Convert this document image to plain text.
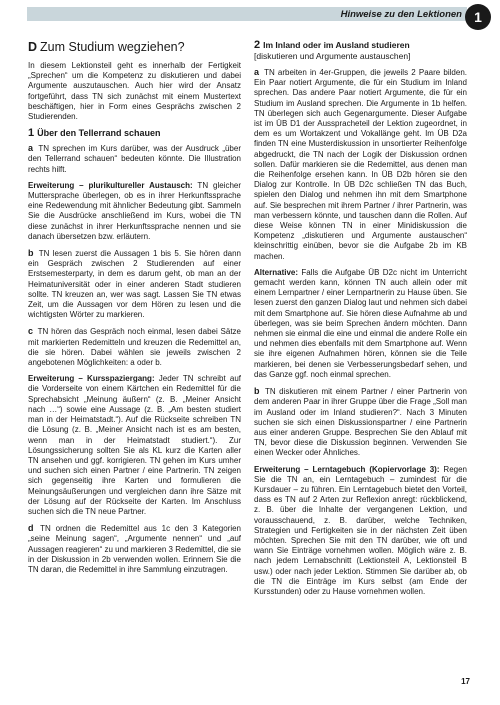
Hinweise zu den Lektionen 1
D Zum Studium wegziehen?

In diesem Lektionsteil geht es innerhalb der Fertigkeit „Sprechen“ um die Kompetenz zu diskutieren und dabei Argumente auszutauschen. Auch hier wird der Ansatz fortgeführt, dass TN sich zunächst mit einem Mustertext beschäftigen, hier in Form eines Gesprächs zwischen 2 Studierenden.

1 Über den Tellerrand schauen

a TN sprechen im Kurs darüber, was der Ausdruck „über den Tellerrand schauen“ bedeuten könnte. Die Illustration rechts hilft.

Erweiterung – plurikultureller Austausch: TN gleicher Muttersprache überlegen, ob es in ihrer Herkunftssprache eine Redewendung mit ähnlicher Bedeutung gibt. Sammeln Sie die Ausdrücke anschließend im Kurs, wobei die TN diese zunächst in ihrer Herkunftssprache nennen und sie danach übersetzen bzw. erläutern.

b TN lesen zuerst die Aussagen 1 bis 5. Sie hören dann ein Gespräch zwischen 2 Studierenden auf einer Erstsemesterparty, in dem es darum geht, ob man an der Heimatuniversität oder in einer anderen Stadt studieren sollte. TN kreuzen an, wer was sagt. Lassen Sie TN etwas Zeit, um die Aussagen vor dem Hören zu lesen und die wichtigsten Wörter zu markieren.

c TN hören das Gespräch noch einmal, lesen dabei Sätze mit markierten Redemitteln und kreuzen die Redemittel an, die sie hören. Dabei wählen sie jeweils zwischen 2 angebotenen Möglichkeiten: a oder b.

Erweiterung – Kursspaziergang: Jeder TN schreibt auf die Vorderseite von einem Kärtchen ein Redemittel für die Sprechabsicht „Meinung äußern“ (z. B. „Meiner Ansicht nach …“) sowie eine Aussage (z. B. „Am besten studiert man in der Heimatstadt.“). Auf die Rückseite schreiben TN die Lösung (z. B. „Meiner Ansicht nach ist es am besten, wenn man in der Heimatstadt studiert.“). Zur Lösungssicherung sollten Sie als KL kurz die Karten aller TN ansehen und ggf. korrigieren. TN gehen im Kurs umher und suchen sich einen Partner / eine Partnerin. TN zeigen sich gegenseitig ihre Karten und formulieren die Meinungsäußerungen und vergleichen dann ihre Sätze mit der Lösung auf der Rückseite der Karten. Im Anschluss suchen sich die TN neue Partner.

d TN ordnen die Redemittel aus 1c den 3 Kategorien „seine Meinung sagen“, „Argumente nennen“ und „auf Aussagen reagieren“ zu und markieren 3 Redemittel, die sie in der Diskussion in 2b verwenden wollen. Erinnern Sie die TN daran, die Redemittel in ihre Sammlung einzutragen.

2 Im Inland oder im Ausland studieren
[diskutieren und Argumente austauschen]

a TN arbeiten in 4er-Gruppen, die jeweils 2 Paare bilden. Ein Paar notiert Argumente, die für ein Studium im Inland sprechen. Das andere Paar notiert Argumente, die für ein Studium im Ausland sprechen. Die Argumente in 1b helfen. TN überlegen sich auch Gegenargumente. Dieser Aufgabe ist im ÜB D1 der Ausspracheteil der Lektion zugeordnet, in dem es um Wortakzent und Vokallänge geht. Im ÜB D2a finden TN eine Musterdiskussion in unsortierter Reihenfolge abgedruckt, die TN nach der Logik der Diskussion ordnen sollen. Dafür markieren sie die Redemittel, aus denen man die Reihenfolge ersehen kann. In ÜB D2b hören sie den Dialog zur Kontrolle. In ÜB D2c schließen TN das Buch, spielen den Dialog und nehmen ihn mit dem Smartphone auf. Sie besprechen mit ihrem Partner / ihrer Partnerin, was man verbessern könnte, und tauschen dann die Rollen. Auf diese Weise können TN in einer Minidiskussion die Kompetenz „diskutieren und Argumente austauschen“ kleinschrittig einüben, bevor sie die Aufgabe 2b im KB machen.

Alternative: Falls die Aufgabe ÜB D2c nicht im Unterricht gemacht werden kann, können TN auch allein oder mit einem Lernpartner / einer Lernpartnerin zu Hause üben. Sie lesen zuerst den ganzen Dialog laut und nehmen sich dabei mit dem Smartphone auf. Sie hören diese Aufnahme ab und überlegen, was sie beim Sprechen ändern möchten. Dann nehmen sie einmal die eine und einmal die andere Rolle ein und nehmen dies ebenfalls mit dem Smartphone auf. Wenn sie ihre eigenen Aufnahmen hören, können sie die Teile markieren, bei denen sie Verbesserungsbedarf sehen, und das Ganze ggf. noch einmal sprechen.

b TN diskutieren mit einem Partner / einer Partnerin von dem anderen Paar in ihrer Gruppe über die Frage „Soll man im Ausland oder im Inland studieren?“. Nach 3 Minuten suchen sie sich einen Diskussionspartner / eine Partnerin aus einer anderen Gruppe. Besprechen Sie den Ablauf mit TN, bevor diese die Diskussion beginnen. Verwenden Sie einen Wecker oder Ähnliches.

Erweiterung – Lerntagebuch (Kopiervorlage 3): Regen Sie die TN an, ein Lerntagebuch – zumindest für die Kursdauer – zu führen. Ein Lerntagebuch bietet den Vorteil, dass es TN auf 2 Arten zur Reflexion anregt: rückblickend, z. B. über die Inhalte der vergangenen Lektion, und vorausschauend, z. B. darüber, welche Techniken, Strategien und Fertigkeiten sie in der nächsten Zeit üben möchten. Sprechen Sie mit den TN darüber, wie oft und wann Sie Einträge vornehmen wollen. Möglich wäre z. B. nach jedem Lernabschnitt (Lektionsteil A, Lektionsteil B usw.) oder nach jeder Lektion. Stimmen Sie darüber ab, ob die TN die Einträge im Kurs selbst (am Ende der Kursstunden) oder zu Hause vornehmen wollen.

17
